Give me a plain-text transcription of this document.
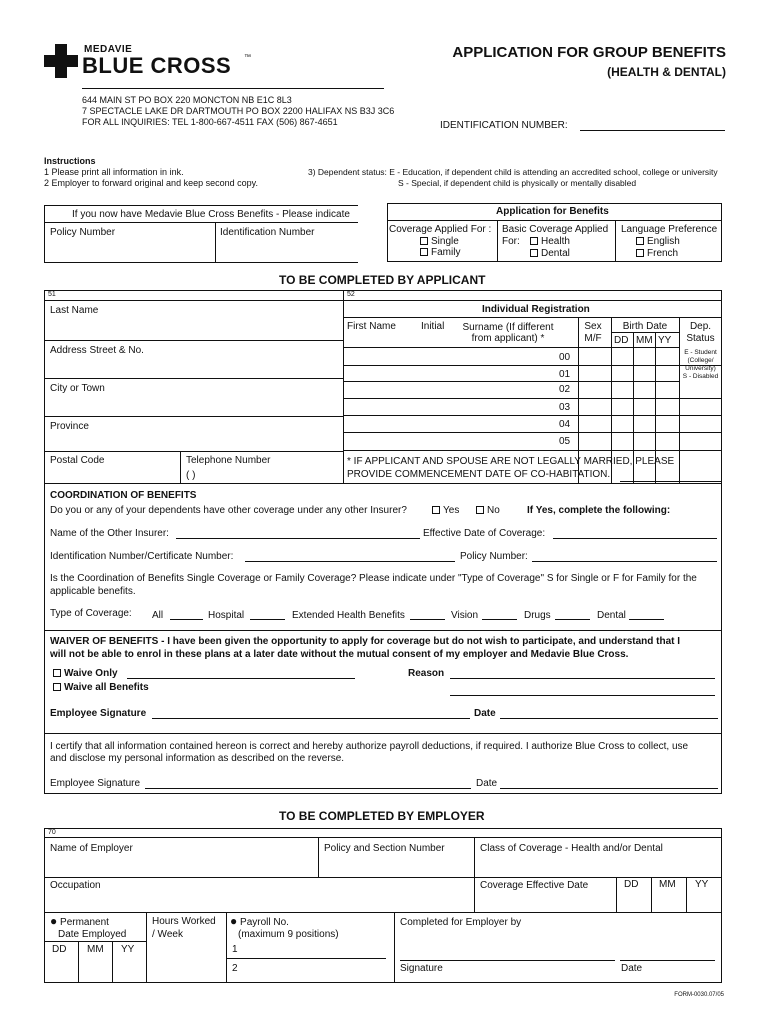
MEDAVIE
BLUE CROSS ™	APPLICATION FOR GROUP BENEFITS
(HEALTH & DENTAL)
644 MAIN ST PO BOX 220 MONCTON NB E1C 8L3
7 SPECTACLE LAKE DR DARTMOUTH PO BOX 2200 HALIFAX NS B3J 3C6
FOR ALL INQUIRIES: TEL 1-800-667-4511 FAX (506) 867-4651	IDENTIFICATION NUMBER:
Instructions
1 Please print all information in ink.
2 Employer to forward original and keep second copy.
3) Dependent status: E - Education, if dependent child is attending an accredited school, college or university
S - Special, if dependent child is physically or mentally disabled
If you now have Medavie Blue Cross Benefits - Please indicate
Policy Number	Identification Number
Application for Benefits
Coverage Applied For :
Single
Family
Basic Coverage Applied
For:	Health
Dental
Language Preference
English
French
TO BE COMPLETED BY APPLICANT
51	52
Last Name
Address Street & No.
City or Town
Province
Postal Code	Telephone Number
( )
Individual Registration
First Name	Initial Surname (If different
from applicant) *
Sex
M/F
Birth Date
DD MM YY
Dep.
Status
E - Student
(College/
University)
S - Disabled
00
01
02
03
04
05
* IF APPLICANT AND SPOUSE ARE NOT LEGALLY MARRIED, PLEASE
PROVIDE COMMENCEMENT DATE OF CO-HABITATION.
COORDINATION OF BENEFITS
Do you or any of your dependents have other coverage under any other Insurer?	Yes	No	If Yes, complete the following:
Name of the Other Insurer:	Effective Date of Coverage:
Identification Number/Certificate Number:	Policy Number:
Is the Coordination of Benefits Single Coverage or Family Coverage? Please indicate under "Type of Coverage" S for Single or F for Family for the
applicable benefits.
Type of Coverage: All	Hospital	Extended Health Benefits	Vision	Drugs	Dental
WAIVER OF BENEFITS - I have been given the opportunity to apply for coverage but do not wish to participate, and understand that I
will not be able to enrol in these plans at a later date without the mutual consent of my employer and Medavie Blue Cross.
Waive Only
Waive all Benefits
Reason
Employee Signature	Date
I certify that all information contained hereon is correct and hereby authorize payroll deductions, if required. I authorize Blue Cross to collect, use
and disclose my personal information as described on the reverse.
Employee Signature	Date
TO BE COMPLETED BY EMPLOYER
70
Name of Employer	Policy and Section Number	Class of Coverage - Health and/or Dental
Occupation	Coverage Effective Date	DD MM YY
● Permanent
Date Employed
DD MM YY
Hours Worked
/ Week
● Payroll No.
(maximum 9 positions)
1
2
Completed for Employer by
Signature	Date
FORM-0030.07/05
